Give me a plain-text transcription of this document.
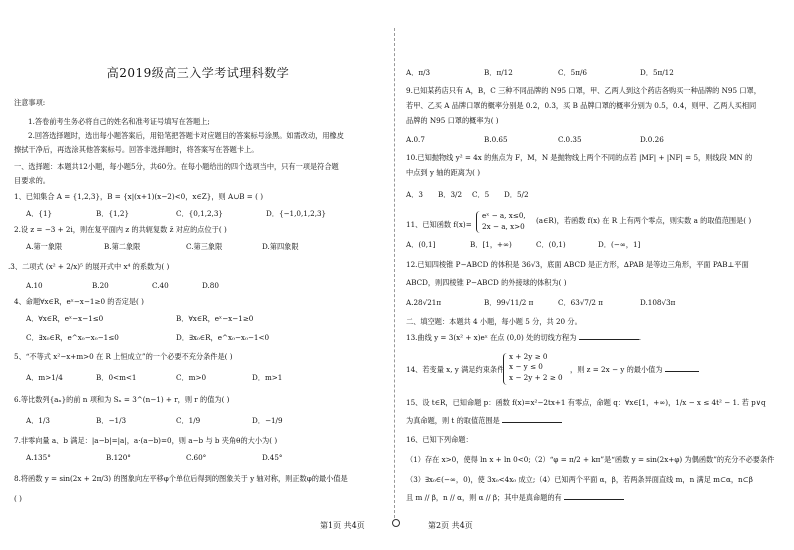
高2019级高三入学考试理科数学
注意事项:
1.答卷前考生务必将自己的姓名和准考证号填写在答题上;
2.回答选择题时，选出每小题答案后，用铅笔把答题卡对应题目的答案标号涂黑。如需改动，用橡皮
擦拭干净后，再选涂其他答案标号。回答非选择题时，将答案写在答题卡上。
一、选择题：本题共12小题，每小题5分，共60分。在每小题给出的四个选项当中，只有一项是符合题
目要求的。
1、已知集合 A = {1,2,3}，B = {x|(x+1)(x−2)<0，x∈Z}，则 A∪B = ( )
A．{1}	B．{1,2}	C．{0,1,2,3}	D．{−1,0,1,2,3}
2.设 z = −3 + 2i，则在复平面内 z 的共轭复数 z̄ 对应的点位于( )
A.第一象限	B.第二象限	C.第三象限	D.第四象限
.3、二项式 (x² + 2/x)⁵ 的展开式中 x⁴ 的系数为( )
A.10	B.20	C.40	D.80
4、命题∀x∈R，eˣ−x−1≥0 的否定是( )
A．∀x∈R，eˣ−x−1≤0	B．∀x∈R，eˣ−x−1≥0
C．∃x₀∈R，e^x₀−x₀−1≤0	D．∃x₀∈R，e^x₀−x₀−1<0
5、“不等式 x²−x+m>0 在 R 上恒成立”的一个必要不充分条件是( )
A．m>1/4	B．0<m<1	C．m>0	D．m>1
6.等比数列{aₙ}的前 n 项和为 Sₙ = 3^(n−1) + r，则 r 的值为( )
A．1/3	B．−1/3	C．1/9	D．−1/9
7.非零向量 a、b 满足：|a−b|=|a|，a·(a−b)=0，则 a−b 与 b 夹角θ的大小为( )
A.135°	B.120°	C.60°	D.45°
8.将函数 y = sin(2x + 2π/3) 的图象向左平移φ个单位后得到的图象关于 y 轴对称，则正数φ的最小值是
( )
第1页 共4页
A．π/3	B．π/12	C．5π/6	D．5π/12
9.已知某药店只有 A，B，C 三种不同品牌的 N95 口罩，甲、乙两人到这个药店各购买一种品牌的 N95 口罩，
若甲、乙买 A 品牌口罩的概率分别是 0.2，0.3，买 B 品牌口罩的概率分别为 0.5，0.4，则甲、乙两人买相同
品牌的 N95 口罩的概率为( )
A.0.7	B.0.65	C.0.35	D.0.26
10.已知抛物线 y² = 4x 的焦点为 F，M，N 是抛物线上两个不同的点若 |MF| + |NF| = 5，则线段 MN 的
中点到 y 轴的距离为( )
A．3 B．3/2 C．5 D．5/2
11、已知函数 f(x)=
eˣ − a, x≤0,
2x − a, x>0
(a∈R)，若函数 f(x) 在 R 上有两个零点，则实数 a 的取值范围是( )
A．(0,1]	B．[1，+∞)	C．(0,1)	D．(−∞，1]
12.已知四棱锥 P−ABCD 的体积是 36√3，底面 ABCD 是正方形，∆PAB 是等边三角形，平面 PAB⊥平面
ABCD，则四棱锥 P−ABCD 的外接球的体积为( )
A.28√21π	B．99√11/2 π	C．63√7/2 π	D.108√3π
二、填空题：本题共 4 小题，每小题 5 分，共 20 分。
13.曲线 y = 3(x² + x)eˣ 在点 (0,0) 处的切线方程为	.
14、若变量 x, y 满足约束条件
x + 2y ≥ 0
x − y ≤ 0
x − 2y + 2 ≥ 0
，则 z = 2x − y 的最小值为
15、设 t∈R，已知命题 p：函数 f(x)=x²−2tx+1 有零点，命题 q：∀x∈[1，+∞)，1/x − x ≤ 4t² − 1. 若 p∨q
为真命题，则 t 的取值范围是
16、已知下列命题：
（1）存在 x>0，使得 ln x + ln 0<0;（2）“φ = π/2 + kπ”是“函数 y = sin(2x+φ) 为偶函数”的充分不必要条件
（3）∃x₀∈(−∞，0)，使 3x₀<4x₀ 成立;（4）已知两个平面 α，β，若两条异面直线 m，n 满足 m⊂α，n⊂β
且 m // β，n // α，则 α // β；其中是真命题的有
第2页 共4页
